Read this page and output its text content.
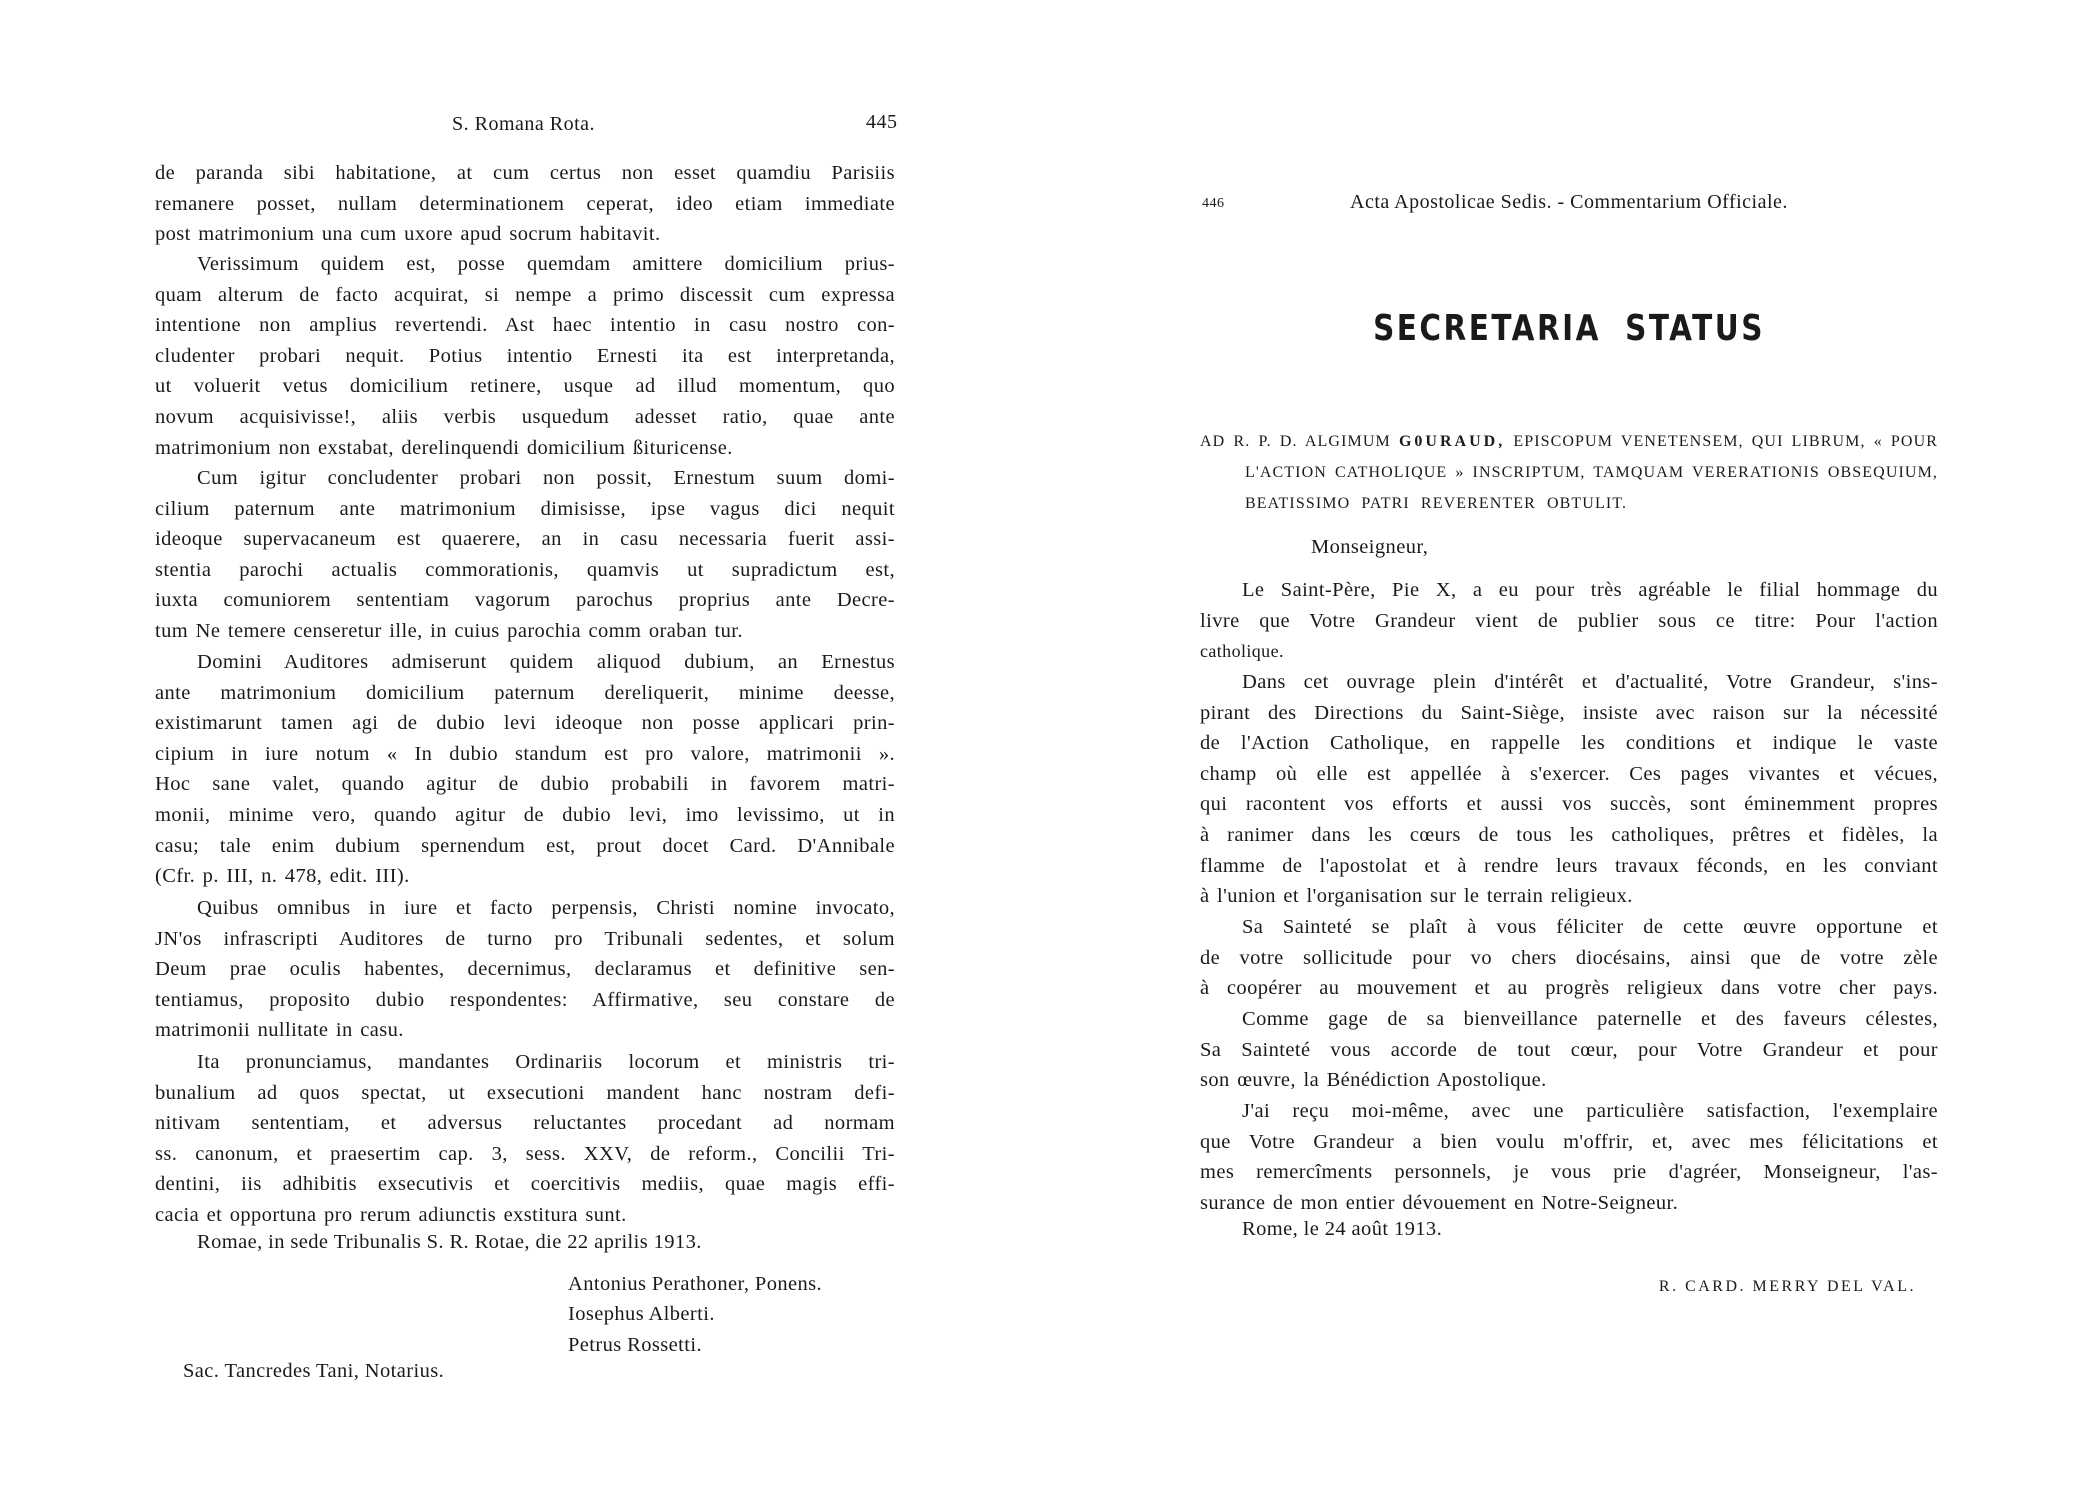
S. Romana Rota.	445
de paranda sibi habitatione, at cum certus non esset quamdiu Parisiis
remanere posset, nullam determinationem ceperat, ideo etiam immediate
post matrimonium una cum uxore apud socrum habitavit.
Verissimum quidem est, posse quemdam amittere domicilium prius-
quam alterum de facto acquirat, si nempe a primo discessit cum expressa
intentione non amplius revertendi. Ast haec intentio in casu nostro con-
cludenter probari nequit. Potius intentio Ernesti ita est interpretanda,
ut voluerit vetus domicilium retinere, usque ad illud momentum, quo
novum acquisivisse!, aliis verbis usquedum adesset ratio, quae ante
matrimonium non exstabat, derelinquendi domicilium ßituricense.
Cum igitur concludenter probari non possit, Ernestum suum domi-
cilium paternum ante matrimonium dimisisse, ipse vagus dici nequit
ideoque supervacaneum est quaerere, an in casu necessaria fuerit assi-
stentia parochi actualis commorationis, quamvis ut supradictum est,
iuxta comuniorem sententiam vagorum parochus proprius ante Decre-
tum Ne temere censeretur ille, in cuius parochia comm oraban tur.
Domini Auditores admiserunt quidem aliquod dubium, an Ernestus
ante matrimonium domicilium paternum dereliquerit, minime deesse,
existimarunt tamen agi de dubio levi ideoque non posse applicari prin-
cipium in iure notum « In dubio standum est pro valore, matrimonii ».
Hoc sane valet, quando agitur de dubio probabili in favorem matri-
monii, minime vero, quando agitur de dubio levi, imo levissimo, ut in
casu; tale enim dubium spernendum est, prout docet Card. D'Annibale
(Cfr. p. III, n. 478, edit. III).
Quibus omnibus in iure et facto perpensis, Christi nomine invocato,
JN'os infrascripti Auditores de turno pro Tribunali sedentes, et solum
Deum prae oculis habentes, decernimus, declaramus et definitive sen-
tentiamus, proposito dubio respondentes: Affirmative, seu constare de
matrimonii nullitate in casu.
Ita pronunciamus, mandantes Ordinariis locorum et ministris tri-
bunalium ad quos spectat, ut exsecutioni mandent hanc nostram defi-
nitivam sententiam, et adversus reluctantes procedant ad normam
ss. canonum, et praesertim cap. 3, sess. XXV, de reform., Concilii Tri-
dentini, iis adhibitis exsecutivis et coercitivis mediis, quae magis effi-
cacia et opportuna pro rerum adiunctis exstitura sunt.
Romae, in sede Tribunalis S. R. Rotae, die 22 aprilis 1913.
Antonius Perathoner, Ponens.
Iosephus Alberti.
Petrus Rossetti.
Sac. Tancredes Tani, Notarius.
446	Acta Apostolicae Sedis. - Commentarium Officiale.
SECRETARIA STATUS
AD R. P. D. ALGIMUM G0URAUD, EPISCOPUM VENETENSEM, QUI LIBRUM, « POUR
L'ACTION CATHOLIQUE » INSCRIPTUM, TAMQUAM VERERATIONIS OBSEQUIUM,
BEATISSIMO PATRI REVERENTER OBTULIT.
Monseigneur,
Le Saint-Père, Pie X, a eu pour très agréable le filial hommage du
livre que Votre Grandeur vient de publier sous ce titre: Pour l'action
catholique.
Dans cet ouvrage plein d'intérêt et d'actualité, Votre Grandeur, s'ins-
pirant des Directions du Saint-Siège, insiste avec raison sur la nécessité
de l'Action Catholique, en rappelle les conditions et indique le vaste
champ où elle est appellée à s'exercer. Ces pages vivantes et vécues,
qui racontent vos efforts et aussi vos succès, sont éminemment propres
à ranimer dans les cœurs de tous les catholiques, prêtres et fidèles, la
flamme de l'apostolat et à rendre leurs travaux féconds, en les conviant
à l'union et l'organisation sur le terrain religieux.
Sa Sainteté se plaît à vous féliciter de cette œuvre opportune et
de votre sollicitude pour vo chers diocésains, ainsi que de votre zèle
à coopérer au mouvement et au progrès religieux dans votre cher pays.
Comme gage de sa bienveillance paternelle et des faveurs célestes,
Sa Sainteté vous accorde de tout cœur, pour Votre Grandeur et pour
son œuvre, la Bénédiction Apostolique.
J'ai reçu moi-même, avec une particulière satisfaction, l'exemplaire
que Votre Grandeur a bien voulu m'offrir, et, avec mes félicitations et
mes remercîments personnels, je vous prie d'agréer, Monseigneur, l'as-
surance de mon entier dévouement en Notre-Seigneur.
Rome, le 24 août 1913.
R. CARD. MERRY DEL VAL.
